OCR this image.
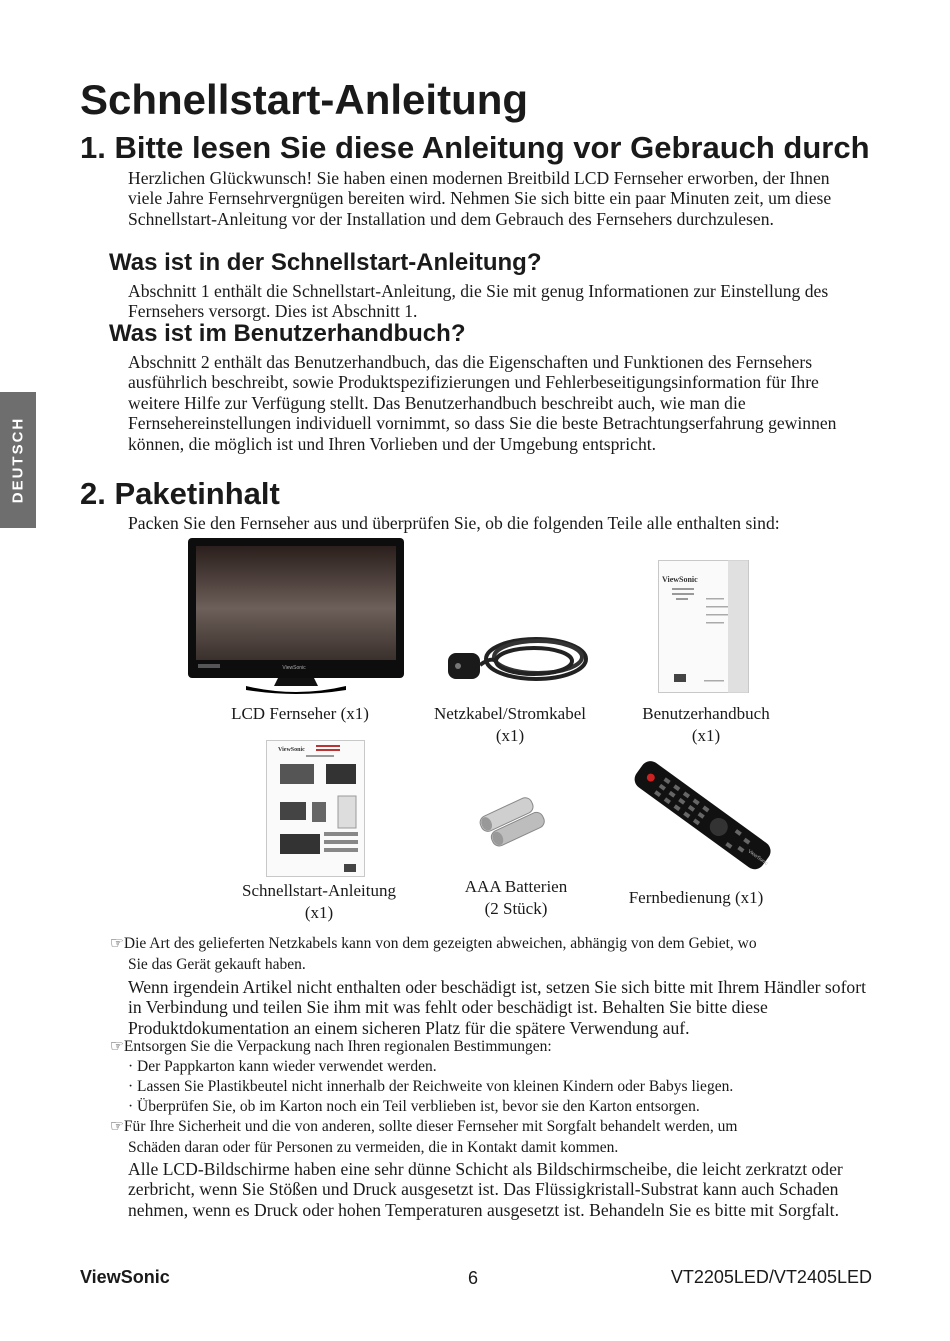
DEUTSCH
Schnellstart-Anleitung
1. Bitte lesen Sie diese Anleitung vor Gebrauch durch
Herzlichen Glückwunsch! Sie haben einen modernen Breitbild LCD Fernseher erworben, der Ihnen viele Jahre Fernsehrvergnügen bereiten wird. Nehmen Sie sich bitte ein paar Minuten zeit, um diese Schnellstart-Anleitung vor der Installation und dem Gebrauch des Fernsehers durchzulesen.
Was ist in der Schnellstart-Anleitung?
Abschnitt 1 enthält die Schnellstart-Anleitung, die Sie mit genug Informationen zur Einstellung des Fernsehers versorgt. Dies ist Abschnitt 1.
Was ist im Benutzerhandbuch?
Abschnitt 2 enthält das Benutzerhandbuch, das die Eigenschaften und Funktionen des Fernsehers ausführlich beschreibt, sowie Produktspezifizierungen und Fehlerbeseitigungsinformation für Ihre weitere Hilfe zur Verfügung stellt. Das Benutzerhandbuch beschreibt auch, wie man die Fernsehereinstellungen individuell vornimmt, so dass Sie die beste Betrachtungserfahrung gewinnen können, die möglich ist und Ihren Vorlieben und der Umgebung entspricht.
2. Paketinhalt
Packen Sie den Fernseher aus und überprüfen Sie, ob die folgenden Teile alle enthalten sind:
ViewSonic
LCD Fernseher (x1)	Netzkabel/Stromkabel
(x1)
ViewSonic
Benutzerhandbuch
(x1)
ViewSonic
Schnellstart-Anleitung
(x1)
AAA Batterien
(2 Stück)
ViewSonic
Fernbedienung (x1)
☞Die Art des gelieferten Netzkabels kann von dem gezeigten abweichen, abhängig von dem Gebiet, wo
Sie das Gerät gekauft haben.
Wenn irgendein Artikel nicht enthalten oder beschädigt ist, setzen Sie sich bitte mit Ihrem Händler sofort in Verbindung und teilen Sie ihm mit was fehlt oder beschädigt ist. Behalten Sie bitte diese Produktdokumentation an einem sicheren Platz für die spätere Verwendung auf.
☞Entsorgen Sie die Verpackung nach Ihren regionalen Bestimmungen:
· Der Pappkarton kann wieder verwendet werden.
· Lassen Sie Plastikbeutel nicht innerhalb der Reichweite von kleinen Kindern oder Babys liegen.
· Überprüfen Sie, ob im Karton noch ein Teil verblieben ist, bevor sie den Karton entsorgen.
☞Für Ihre Sicherheit und die von anderen, sollte dieser Fernseher mit Sorgfalt behandelt werden, um
Schäden daran oder für Personen zu vermeiden, die in Kontakt damit kommen.
Alle LCD-Bildschirme haben eine sehr dünne Schicht als Bildschirmscheibe, die leicht zerkratzt oder zerbricht, wenn Sie Stößen und Druck ausgesetzt ist. Das Flüssigkristall-Substrat kann auch Schaden nehmen, wenn es Druck oder hohen Temperaturen ausgesetzt ist. Behandeln Sie es bitte mit Sorgfalt.
ViewSonic	6	VT2205LED/VT2405LED
